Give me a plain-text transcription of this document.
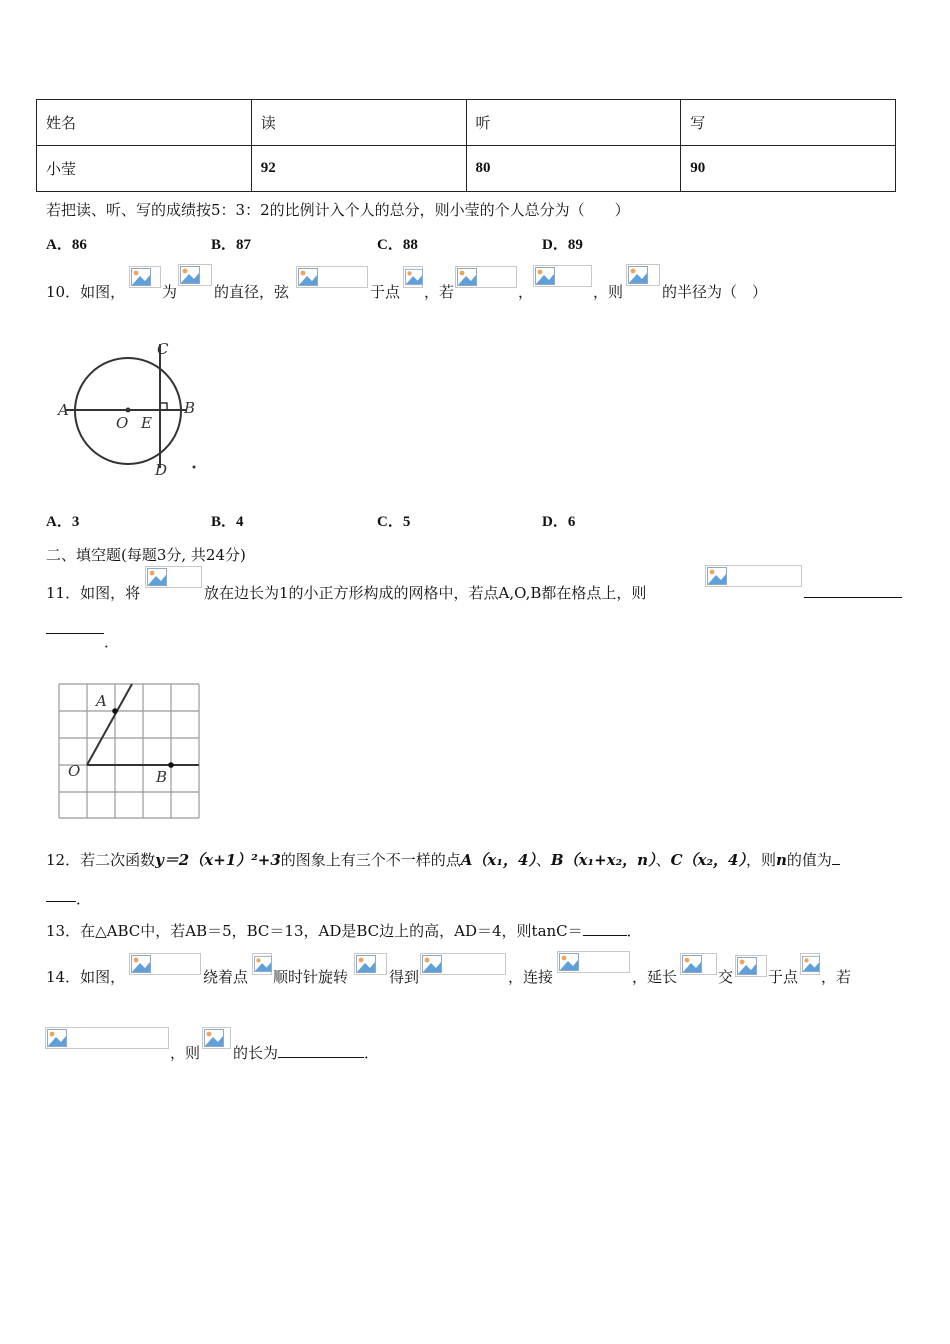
姓名	读	听	写
小莹	92	80	90
若把读、听、写的成绩按5：3：2的比例计入个人的总分，则小莹的个人总分为（　　）
A．86	B．87	C．88	D．89
10．如图， 为 的直径，弦	于点 ，若	，	，则	的半径为（　）
A
O E
B
C
D
A．3	B．4	C．5	D．6
二、填空题(每题3分, 共24分)
11．如图，将	放在边长为1的小正方形构成的网格中，若点A,O,B都在格点上，则
．
A
O	B
12．若二次函数y＝2（x+1）²+3的图象上有三个不一样的点A（x₁，4）、B（x₁+x₂，n）、C（x₂，4），则n的值为
．
13．在△ABC中，若AB＝5，BC＝13，AD是BC边上的高，AD＝4，则tanC＝	．
14．如图，	绕着点 顺时针旋转	得到	，连接	，延长	交 于点 ，若
，则 的长为	．
